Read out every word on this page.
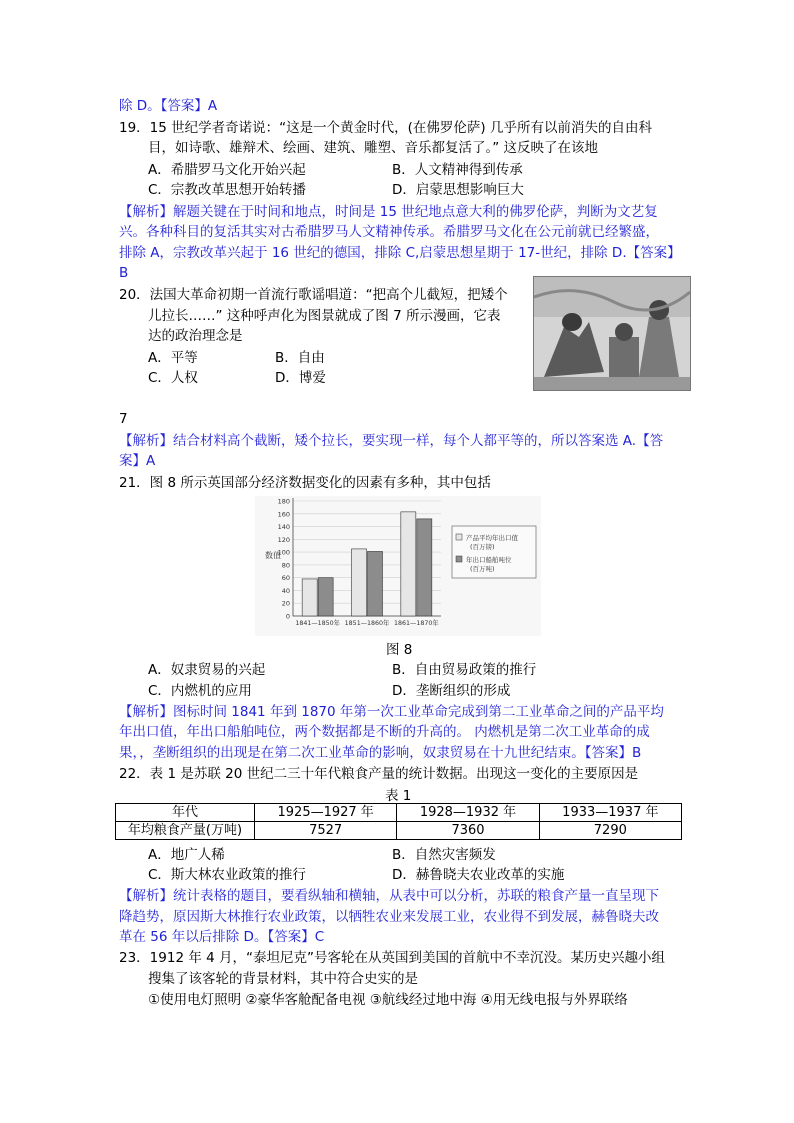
除 D。【答案】A
19．15 世纪学者奇诺说：“这是一个黄金时代，(在佛罗伦萨) 几乎所有以前消失的自由科
目，如诗歌、雄辩术、绘画、建筑、雕塑、音乐都复活了。” 这反映了在该地
A．希腊罗马文化开始兴起	B．人文精神得到传承
C．宗教改革思想开始转播	D．启蒙思想影响巨大
【解析】解题关键在于时间和地点，时间是 15 世纪地点意大利的佛罗伦萨，判断为文艺复
兴。各种科目的复活其实对古希腊罗马人文精神传承。希腊罗马文化在公元前就已经繁盛，
排除 A，宗教改革兴起于 16 世纪的德国，排除 C,启蒙思想星期于 17-世纪，排除 D.【答案】
B
20．法国大革命初期一首流行歌谣唱道：“把高个儿截短，把矮个
儿拉长……” 这种呼声化为图景就成了图 7 所示漫画，它表
达的政治理念是
A．平等	B．自由
C．人权	D．博爱
7
【解析】结合材料高个截断，矮个拉长，要实现一样，每个人都平等的，所以答案选 A.【答
案】A
21．图 8 所示英国部分经济数据变化的因素有多种，其中包括
0
20
40
60
80
100
120
140
160
180
1841—1850年 1851—1860年 1861—1870年
数值
产品平均年出口值
(百万镑)
年出口船舶吨位
(百万吨)
图 8
A．奴隶贸易的兴起	B．自由贸易政策的推行
C．内燃机的应用	D．垄断组织的形成
【解析】图标时间 1841 年到 1870 年第一次工业革命完成到第二工业革命之间的产品平均
年出口值，年出口船舶吨位，两个数据都是不断的升高的。 内燃机是第二次工业革命的成
果，，垄断组织的出现是在第二次工业革命的影响，奴隶贸易在十九世纪结束。【答案】B
22．表 1 是苏联 20 世纪二三十年代粮食产量的统计数据。出现这一变化的主要原因是
表 1
年代	1925—1927 年	1928—1932 年	1933—1937 年
年均粮食产量(万吨)	7527	7360	7290
A．地广人稀	B．自然灾害频发
C．斯大林农业政策的推行	D．赫鲁晓夫农业改革的实施
【解析】统计表格的题目，要看纵轴和横轴，从表中可以分析，苏联的粮食产量一直呈现下
降趋势，原因斯大林推行农业政策，以牺牲农业来发展工业，农业得不到发展，赫鲁晓夫改
革在 56 年以后排除 D。【答案】C
23．1912 年 4 月，“泰坦尼克”号客轮在从英国到美国的首航中不幸沉没。某历史兴趣小组
搜集了该客轮的背景材料，其中符合史实的是
①使用电灯照明 ②豪华客舱配备电视 ③航线经过地中海 ④用无线电报与外界联络
